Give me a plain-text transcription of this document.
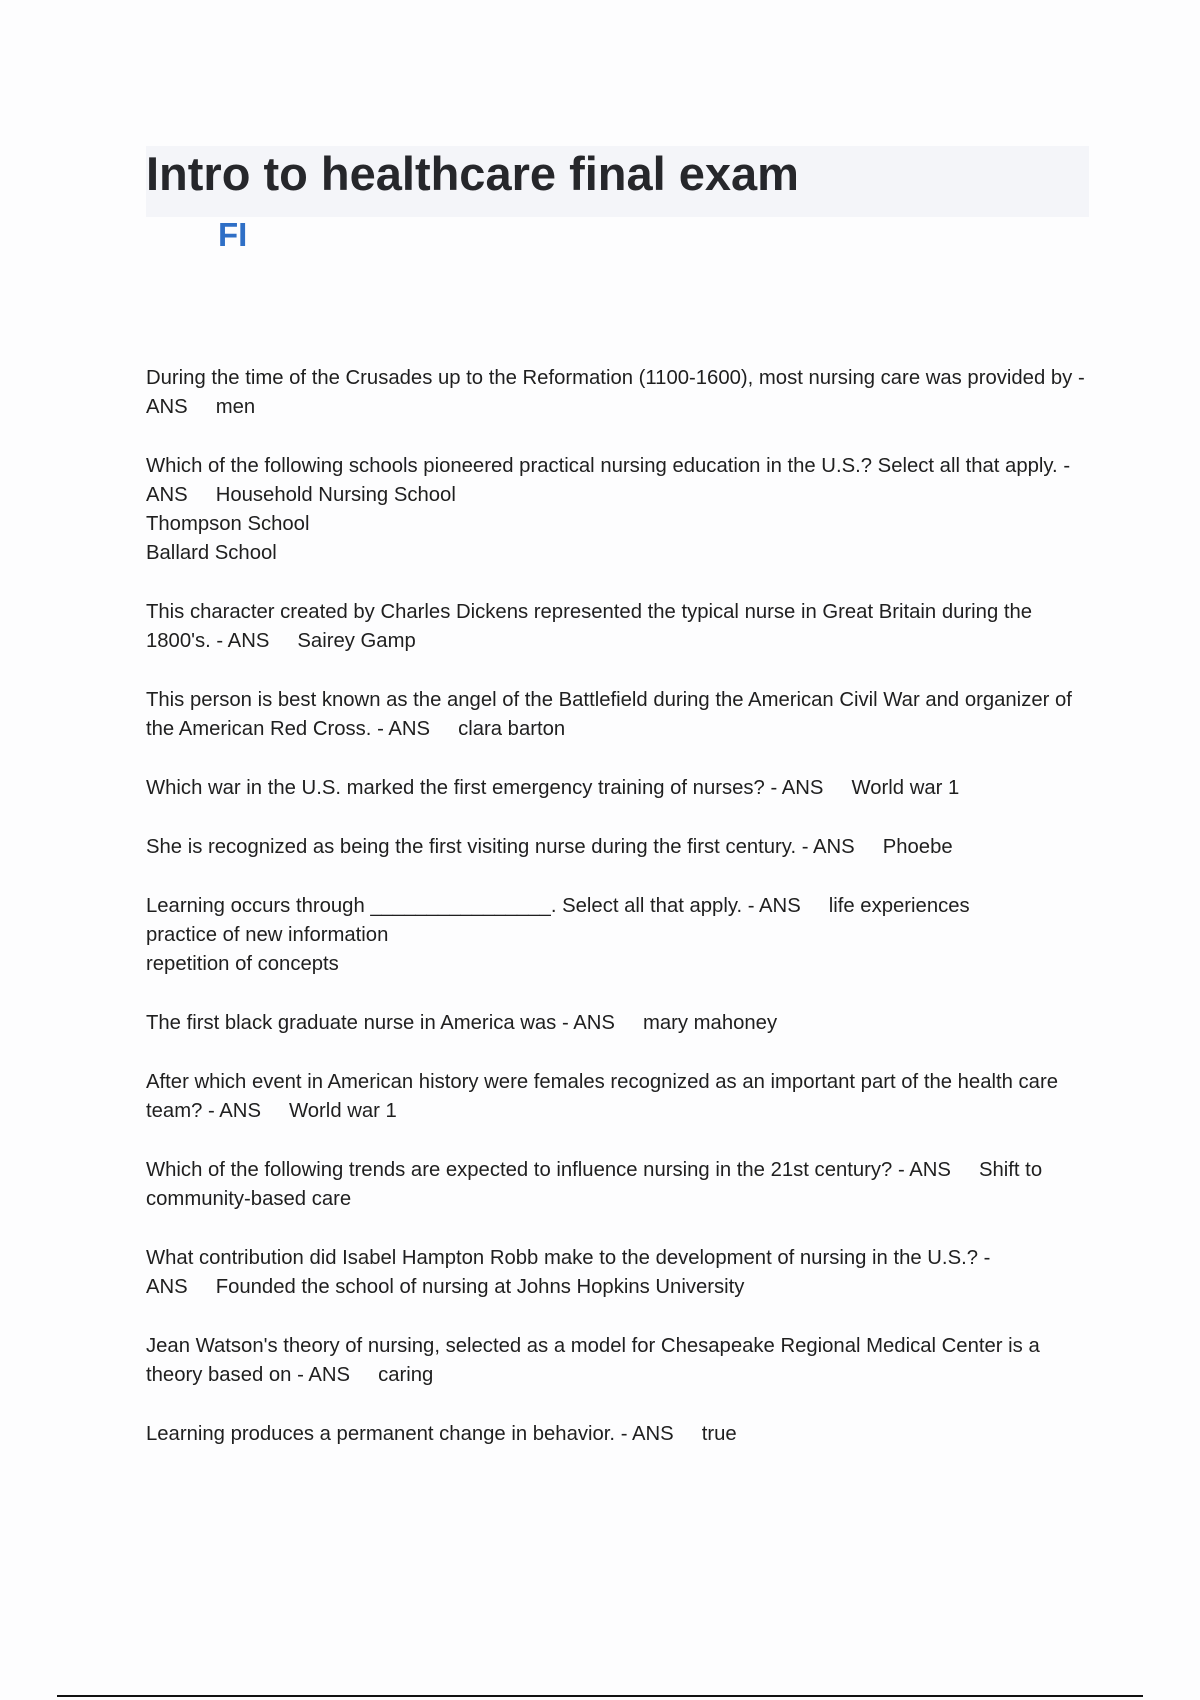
Intro to healthcare final exam
FI
During the time of the Crusades up to the Reformation (1100-1600), most nursing care was provided by - ANS men
Which of the following schools pioneered practical nursing education in the U.S.? Select all that apply. - ANS Household Nursing School
Thompson School
Ballard School
This character created by Charles Dickens represented the typical nurse in Great Britain during the 1800's. - ANS Sairey Gamp
This person is best known as the angel of the Battlefield during the American Civil War and organizer of the American Red Cross. - ANS clara barton
Which war in the U.S. marked the first emergency training of nurses? - ANS World war 1
She is recognized as being the first visiting nurse during the first century. - ANS Phoebe
Learning occurs through ________________. Select all that apply. - ANS life experiences
practice of new information
repetition of concepts
The first black graduate nurse in America was - ANS mary mahoney
After which event in American history were females recognized as an important part of the health care team? - ANS World war 1
Which of the following trends are expected to influence nursing in the 21st century? - ANS Shift to community-based care
What contribution did Isabel Hampton Robb make to the development of nursing in the U.S.? - ANS Founded the school of nursing at Johns Hopkins University
Jean Watson's theory of nursing, selected as a model for Chesapeake Regional Medical Center is a theory based on - ANS caring
Learning produces a permanent change in behavior. - ANS true
